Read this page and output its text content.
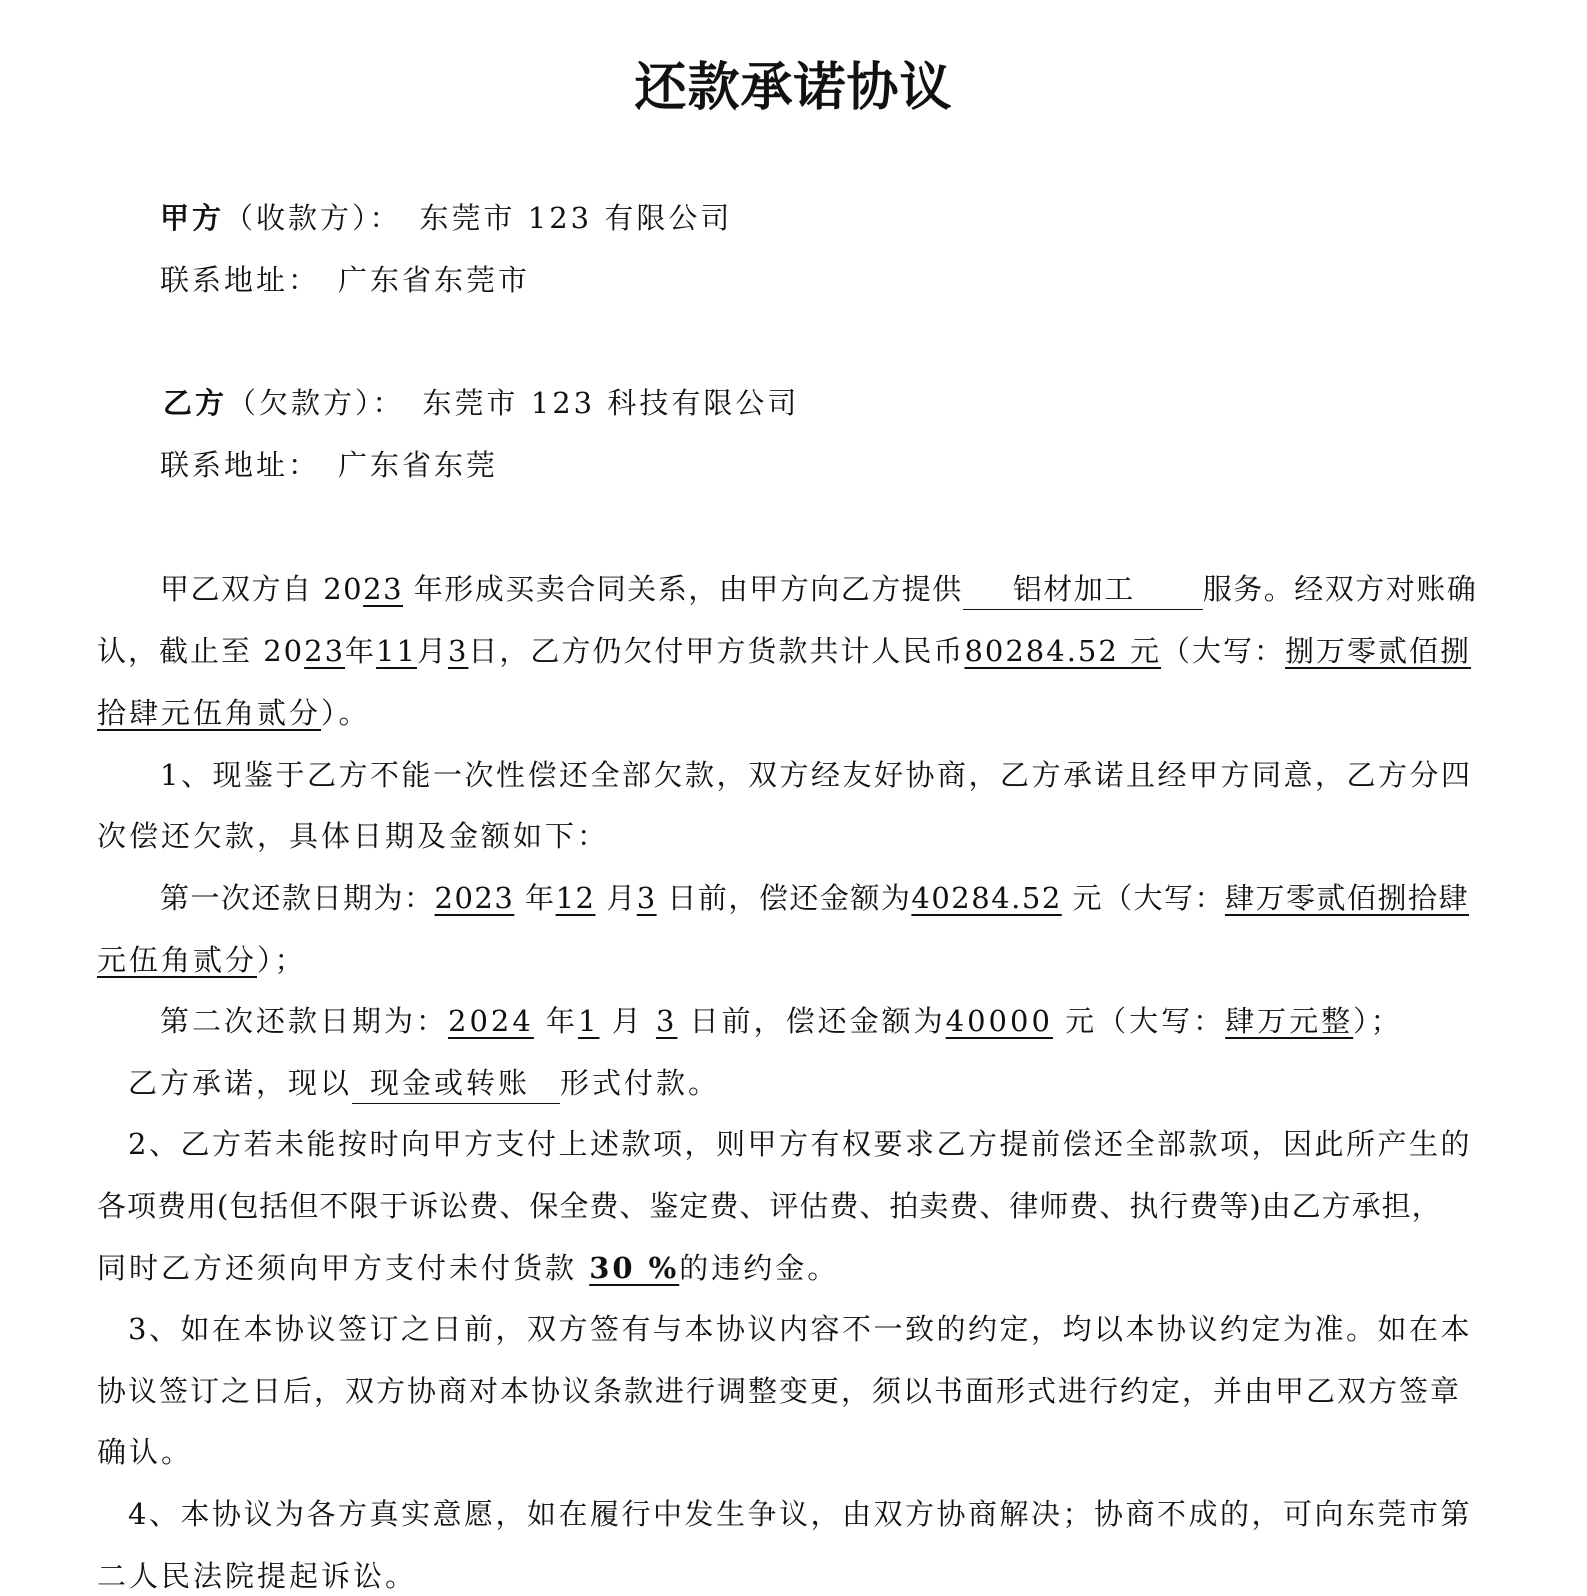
还款承诺协议
甲方（收款方）： 东莞市 123 有限公司
联系地址： 广东省东莞市
乙方（欠款方）： 东莞市 123 科技有限公司
联系地址： 广东省东莞
甲乙双方自 2023 年形成买卖合同关系，由甲方向乙方提供 铝材加工 服务。经双方对账确
认，截止至 2023年11月3日，乙方仍欠付甲方货款共计人民币80284.52 元（大写：捌万零贰佰捌
拾肆元伍角贰分）。
1、现鉴于乙方不能一次性偿还全部欠款，双方经友好协商，乙方承诺且经甲方同意，乙方分四
次偿还欠款，具体日期及金额如下：
第一次还款日期为：2023 年12 月3 日前，偿还金额为40284.52 元（大写：肆万零贰佰捌拾肆
元伍角贰分）；
第二次还款日期为：2024 年1 月 3 日前，偿还金额为40000 元（大写：肆万元整）；
乙方承诺，现以 现金或转账 形式付款。
2、乙方若未能按时向甲方支付上述款项，则甲方有权要求乙方提前偿还全部款项，因此所产生的
各项费用(包括但不限于诉讼费、保全费、鉴定费、评估费、拍卖费、律师费、执行费等)由乙方承担，
同时乙方还须向甲方支付未付货款 30 %的违约金。
3、如在本协议签订之日前，双方签有与本协议内容不一致的约定，均以本协议约定为准。如在本
协议签订之日后，双方协商对本协议条款进行调整变更，须以书面形式进行约定，并由甲乙双方签章
确认。
4、本协议为各方真实意愿，如在履行中发生争议，由双方协商解决；协商不成的，可向东莞市第
二人民法院提起诉讼。
